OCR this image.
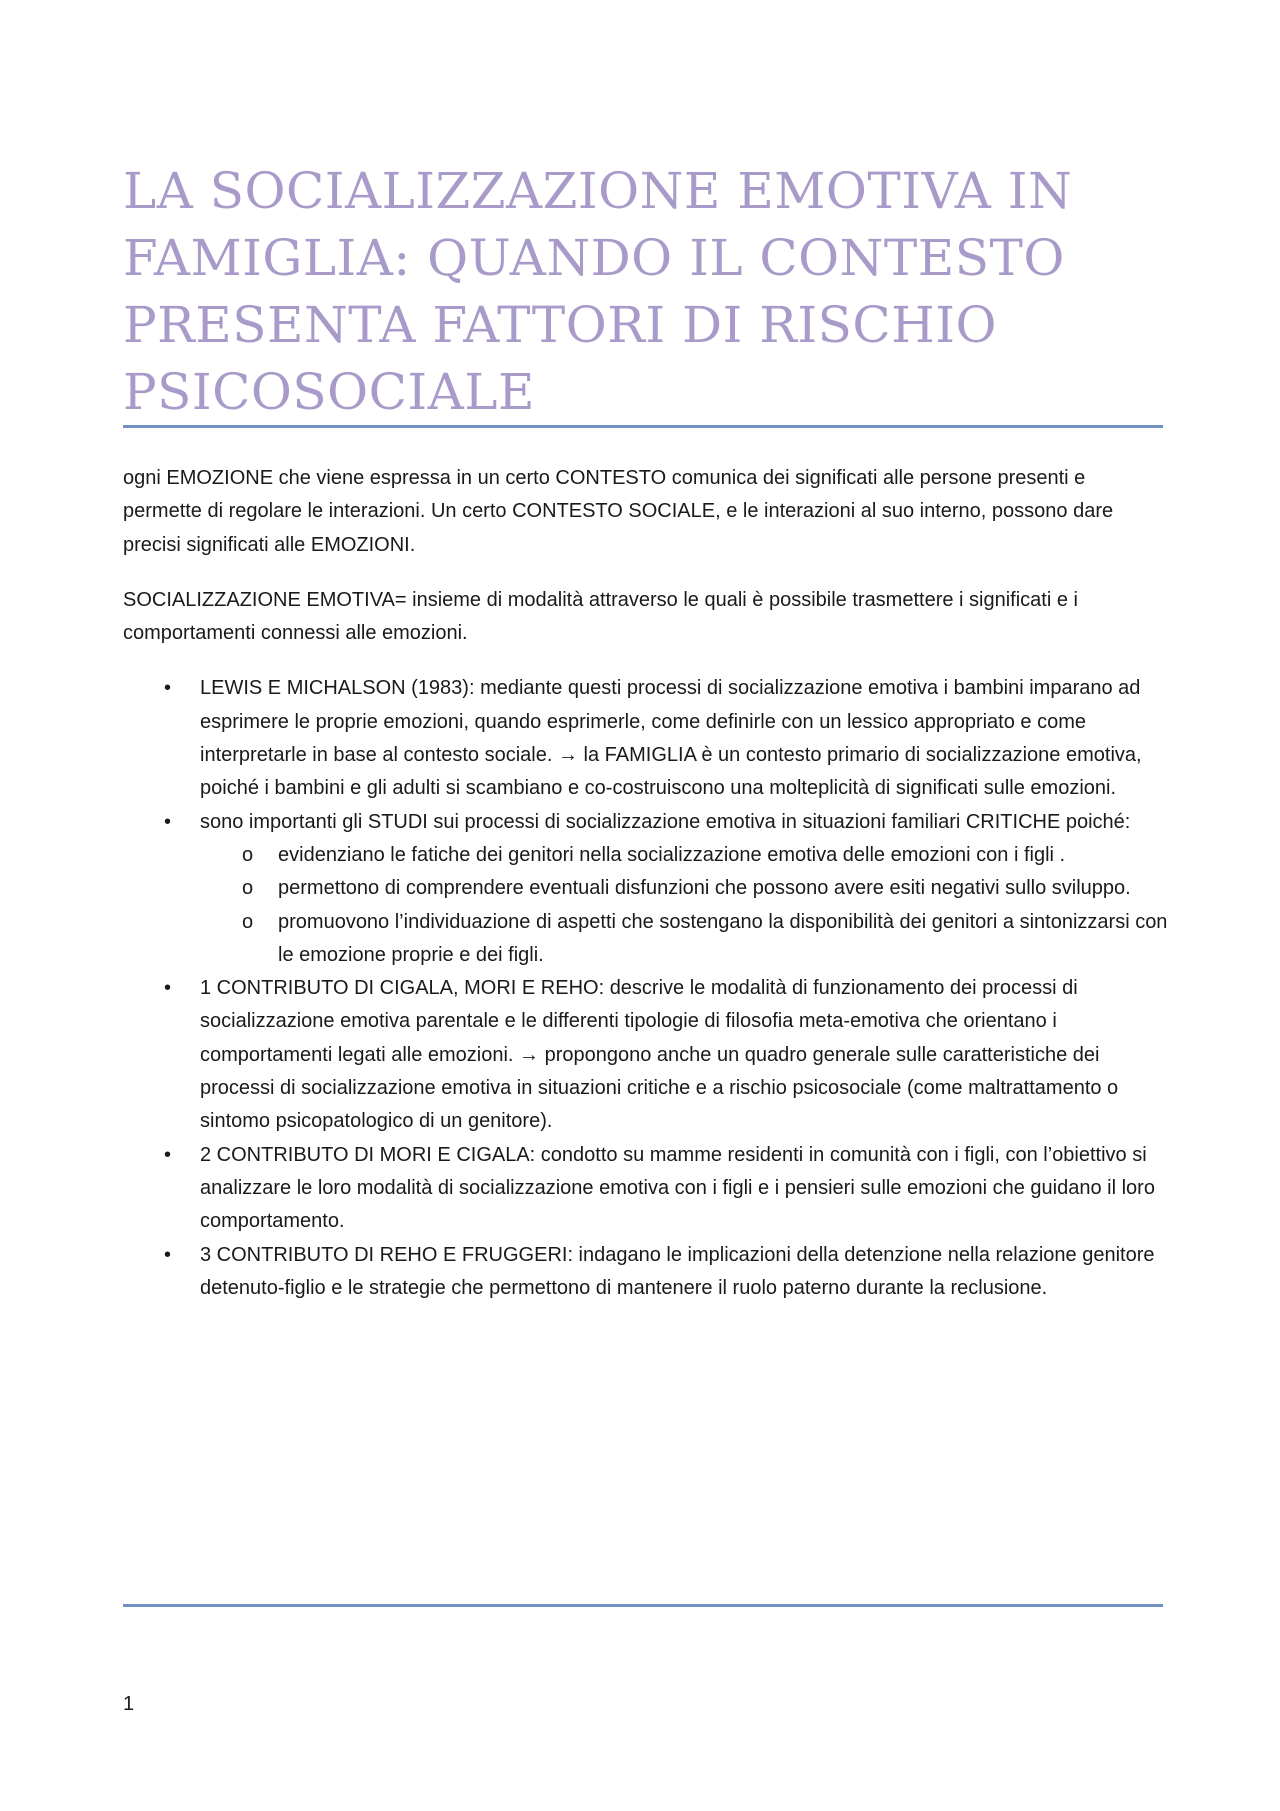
LA SOCIALIZZAZIONE EMOTIVA IN FAMIGLIA: QUANDO IL CONTESTO PRESENTA FATTORI DI RISCHIO PSICOSOCIALE

ogni EMOZIONE che viene espressa in un certo CONTESTO comunica dei significati alle persone presenti e permette di regolare le interazioni. Un certo CONTESTO SOCIALE, e le interazioni al suo interno, possono dare precisi significati alle EMOZIONI.

SOCIALIZZAZIONE EMOTIVA= insieme di modalità attraverso le quali è possibile trasmettere i significati e i comportamenti connessi alle emozioni.

• LEWIS E MICHALSON (1983): mediante questi processi di socializzazione emotiva i bambini imparano ad esprimere le proprie emozioni, quando esprimerle, come definirle con un lessico appropriato e come interpretarle in base al contesto sociale. → la FAMIGLIA è un contesto primario di socializzazione emotiva, poiché i bambini e gli adulti si scambiano e co-costruiscono una molteplicità di significati sulle emozioni.
• sono importanti gli STUDI sui processi di socializzazione emotiva in situazioni familiari CRITICHE poiché:
o evidenziano le fatiche dei genitori nella socializzazione emotiva delle emozioni con i figli .
o permettono di comprendere eventuali disfunzioni che possono avere esiti negativi sullo sviluppo.
o promuovono l’individuazione di aspetti che sostengano la disponibilità dei genitori a sintonizzarsi con le emozione proprie e dei figli.
• 1 CONTRIBUTO DI CIGALA, MORI E REHO: descrive le modalità di funzionamento dei processi di socializzazione emotiva parentale e le differenti tipologie di filosofia meta-emotiva che orientano i comportamenti legati alle emozioni. → propongono anche un quadro generale sulle caratteristiche dei processi di socializzazione emotiva in situazioni critiche e a rischio psicosociale (come maltrattamento o sintomo psicopatologico di un genitore).
• 2 CONTRIBUTO DI MORI E CIGALA: condotto su mamme residenti in comunità con i figli, con l’obiettivo si analizzare le loro modalità di socializzazione emotiva con i figli e i pensieri sulle emozioni che guidano il loro comportamento.
• 3 CONTRIBUTO DI REHO E FRUGGERI: indagano le implicazioni della detenzione nella relazione genitore detenuto-figlio e le strategie che permettono di mantenere il ruolo paterno durante la reclusione.
1
